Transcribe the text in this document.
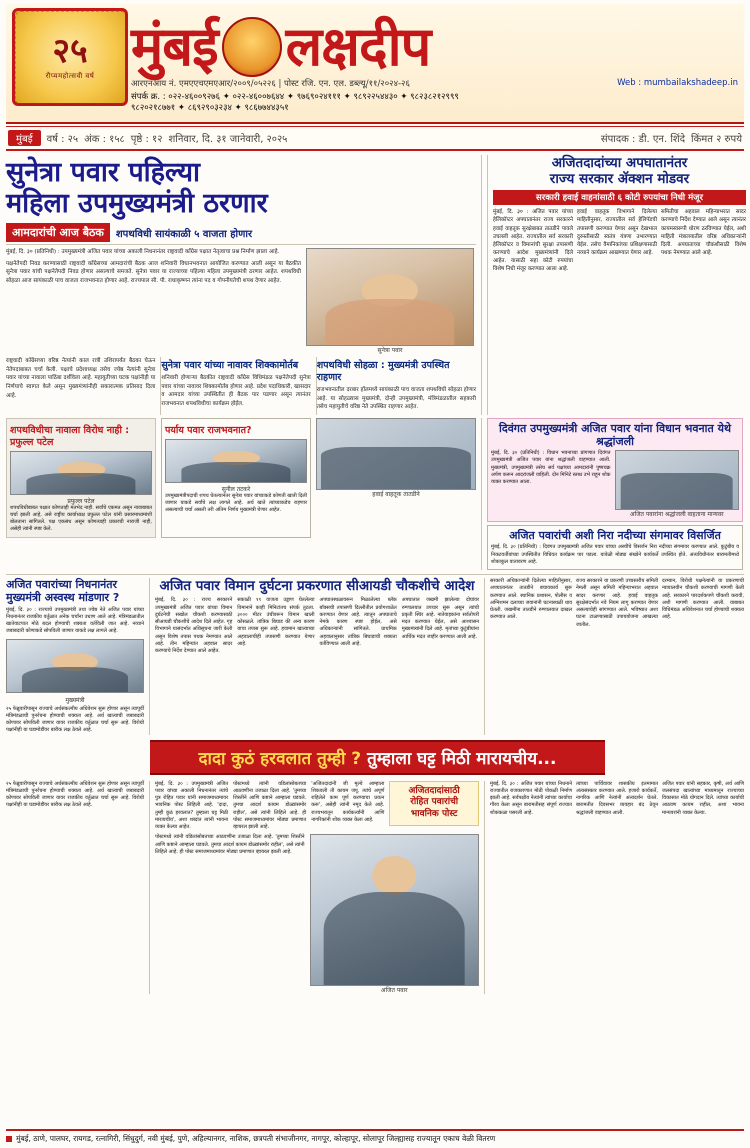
२५
रौप्यमहोत्सवी वर्ष मुंबई लक्षदीप
आरएनआय नं. एमएएचएमएआर/२००९/०५२२६ | पोस्ट रजि. एन. एल. डब्ल्यू/११/२०२४-२६	Web : mumbailakshadeep.in
संपर्क क्र. : ०२२-४६००९२७६ ✦ ०२२-४६००७६४४ ✦ ९७६९०२४१११ ✦ ९८९२२५४४३० ✦ ९८२३८२१२९९९
९८२०२१८७७१ ✦ ८६९२९०३२३४ ✦ ९८६७७४४३५१
मुंबई	वर्ष : २५ अंक : १५८ पृष्ठे : १२ शनिवार, दि. ३१ जानेवारी, २०२५	संपादक : डी. एन. शिंदे किंमत २ रुपये
सुनेत्रा पवार पहिल्या
महिला उपमुख्यमंत्री ठरणार
आमदारांची आज बैठक	शपथविधी सायंकाळी ५ वाजता होणार

मुंबई, दि. ३० (प्रतिनिधी) : उपमुख्यमंत्री अजित पवार यांच्या अकाली निधनानंतर राष्ट्रवादी काँग्रेस पक्षात नेतृत्वाचा प्रश्न निर्माण झाला आहे.

पक्षनेतेपदी निवड करण्यासाठी राष्ट्रवादी काँग्रेसच्या आमदारांची बैठक आज शनिवारी विधानभवनात आयोजित करण्यात आली असून या बैठकीत सुनेत्रा पवार यांची पक्षनेतेपदी निवड होणार असल्याचे समजते. सुनेत्रा पवार या राज्याच्या पहिल्या महिला उपमुख्यमंत्री ठरणार आहेत. शपथविधी सोहळा आज सायंकाळी पाच वाजता राजभवनात होणार आहे. राज्यपाल सी. पी. राधाकृष्णन त्यांना पद व गोपनीयतेची शपथ देणार आहेत.

सुनेत्रा पवार

राष्ट्रवादी काँग्रेसच्या वरिष्ठ नेत्यांनी काल रात्री उशिरापर्यंत बैठका घेऊन नेतेपदाबाबत चर्चा केली. पक्षाचे प्रदेशाध्यक्ष तसेच ज्येष्ठ नेत्यांनी सुनेत्रा पवार यांच्या नावाला पाठिंबा दर्शविला आहे. महायुतीच्या घटक पक्षांनीही या निर्णयाचे स्वागत केले असून मुख्यमंत्र्यांनीही सकारात्मक प्रतिसाद दिला आहे.

सुनेत्रा पवार यांच्या नावावर शिक्कामोर्तब

शनिवारी होणाऱ्या बैठकीत राष्ट्रवादी काँग्रेस विधिमंडळ पक्षनेतेपदी सुनेत्रा पवार यांच्या नावावर शिक्कामोर्तब होणार आहे. प्रदेश पदाधिकारी, खासदार व आमदार यांच्या उपस्थितीत ही बैठक पार पडणार असून त्यानंतर राजभवनात शपथविधीचा कार्यक्रम होईल.

शपथविधी सोहळा : मुख्यमंत्री उपस्थित राहणार

राजभवनातील दरबार हॉलमध्ये सायंकाळी पाच वाजता शपथविधी सोहळा होणार आहे. या सोहळ्यास मुख्यमंत्री, दोन्ही उपमुख्यमंत्री, मंत्रिमंडळातील सहकारी तसेच महायुतीचे वरिष्ठ नेते उपस्थित राहणार आहेत.

अजितदादांच्या अपघातानंतर
राज्य सरकार ॲक्शन मोडवर
सरकारी हवाई वाहनांसाठी ६ कोटी रुपयांचा निधी मंजूर
मुंबई, दि. ३० : अजित पवार यांच्या हेलिकॉप्टर अपघातानंतर राज्य सरकारने हवाई वाहतूक सुरक्षेबाबत तातडीने पावले उचलली आहेत. राज्यातील सर्व सरकारी हेलिकॉप्टर व विमानांची सुरक्षा तपासणी करण्याचे आदेश मुख्यमंत्र्यांनी दिले आहेत. यासाठी सहा कोटी रुपयांचा विशेष निधी मंजूर करण्यात आला आहे.
हवाई वाहतूक विभागाने दिलेल्या माहितीनुसार, राज्यातील सर्व हेलिपॅडची तपासणी करण्यात येणार असून देखभाल दुरुस्तीसाठी स्वतंत्र यंत्रणा उभारण्यात येईल. तसेच वैमानिकांच्या प्रशिक्षणासाठी नव्याने कार्यक्रम आखण्यात येणार आहे.
समितीचा अहवाल महिन्याभरात सादर करण्याचे निर्देश देण्यात आले असून त्यानंतर कायमस्वरूपी धोरण ठरविण्यात येईल, अशी माहिती मंत्रालयातील वरिष्ठ अधिकाऱ्यांनी दिली. अपघाताच्या चौकशीसाठी विशेष पथक नेमण्यात आले आहे.
शपथविधीचा नावाला विरोध नाही : प्रफुल्ल पटेल
प्रफुल्ल पटेल
शपथविधीबाबत पक्षात कोणताही मतभेद नाही. सर्वांचे एकमत असून नावाबाबत चर्चा झाली आहे, असे राष्ट्रीय कार्याध्यक्ष प्रफुल्ल पटेल यांनी प्रसारमाध्यमांशी बोलताना सांगितले. पक्ष एकसंध असून कोणत्याही प्रकारची नाराजी नाही, असेही त्यांनी स्पष्ट केले.
पर्याय पवार राजभवनात?
सुनील तटकरे
उपमुख्यमंत्रीपदाची शपथ घेतल्यानंतर सुनेत्रा पवार यांच्याकडे कोणती खाती दिली जाणार याकडे सर्वांचे लक्ष लागले आहे. अर्थ खाते त्यांच्याकडेच राहणार असल्याची चर्चा असली तरी अंतिम निर्णय मुख्यमंत्री घेणार आहेत.
हवाई वाहतूक तातडीने
दिवंगत उपमुख्यमंत्री अजित पवार यांना विधान भवनात येथे श्रद्धांजली
मुंबई, दि. ३० (प्रतिनिधी) : विधान भवनाच्या प्रांगणात दिवंगत उपमुख्यमंत्री अजित पवार यांना श्रद्धांजली वाहण्यात आली. मुख्यमंत्री, उपमुख्यमंत्री तसेच सर्व पक्षांच्या आमदारांनी पुष्पचक्र अर्पण करून आदरांजली वाहिली. दोन मिनिटे स्तब्ध उभे राहून शोक व्यक्त करण्यात आला.
अजित पवारांना श्रद्धांजली वाहताना मान्यवर
अजित पवारांची अशी निरा नदीच्या संगमावर विसर्जित
मुंबई, दि. ३० (प्रतिनिधी) : दिवंगत उपमुख्यमंत्री अजित पवार यांच्या अस्थींचे विसर्जन निरा नदीच्या संगमावर करण्यात आले. कुटुंबीय व निकटवर्तीयांच्या उपस्थितीत विधिवत कार्यक्रम पार पडला. यावेळी मोठ्या संख्येने कार्यकर्ते उपस्थित होते. अंत्यविधीनंतर बारामतीमध्ये शोकाकुल वातावरण आहे.
अजित पवारांच्या निधनानंतर मुख्यमंत्री अस्वस्थ मांडणार ?
मुंबई, दि. ३० : राज्याचे उपमुख्यमंत्री तथा ज्येष्ठ नेते अजित पवार यांच्या निधनानंतर राजकीय वर्तुळात अनेक चर्चांना उधाण आले आहे. मंत्रिमंडळातील खातेवाटपात मोठे बदल होण्याची शक्यता वर्तविली जात आहे. नव्याने जबाबदारी कोणाकडे सोपविली जाणार याकडे लक्ष लागले आहे.
मुख्यमंत्री
२५ फेब्रुवारीपासून राज्याचे अर्थसंकल्पीय अधिवेशन सुरू होणार असून त्यापूर्वी मंत्रिमंडळाची पुनर्रचना होण्याची शक्यता आहे. अर्थ खात्याची जबाबदारी कोणावर सोपविली जाणार यावर राजकीय वर्तुळात चर्चा सुरू आहे. विरोधी पक्षांनीही या घडामोडींवर बारीक लक्ष ठेवले आहे.
अजित पवार विमान दुर्घटना प्रकरणात सीआयडी चौकशीचे आदेश
मुंबई, दि. ३० : राज्य सरकारने उपमुख्यमंत्री अजित पवार यांच्या विमान दुर्घटनेची सखोल चौकशी करण्यासाठी सीआयडी चौकशीचे आदेश दिले आहेत. गृह विभागाने यासंदर्भात अधिसूचना जारी केली असून विशेष तपास पथक नेमण्यात आले आहे. तीन महिन्यांत अहवाल सादर करण्याचे निर्देश देण्यात आले आहेत.
सकाळी ११ वाजता उड्डाण घेतलेल्या विमानाने काही मिनिटांतच संपर्क तुटला. ३००० मीटर उंचीवरून विमान खाली कोसळले. तांत्रिक बिघाड की अन्य कारण याचा तपास सुरू आहे. हवामान खात्याच्या अहवालाचीही तपासणी करण्यात येणार आहे.
अपघातस्थळावरून मिळालेल्या ब्लॅक बॉक्सची तपासणी दिल्लीतील प्रयोगशाळेत करण्यात येणार आहे. त्यातून अपघाताचे नेमके कारण स्पष्ट होईल, असे अधिकाऱ्यांनी सांगितले. प्राथमिक अहवालानुसार तांत्रिक बिघाडाची शक्यता वर्तविण्यात आली आहे.
अपघातात जखमी झालेल्या दोघांवर रुग्णालयात उपचार सुरू असून त्यांची प्रकृती स्थिर आहे. नातेवाइकांना सर्वतोपरी मदत करण्यात येईल, असे आश्वासन मुख्यमंत्र्यांनी दिले आहे. मृतांच्या कुटुंबीयांना आर्थिक मदत जाहीर करण्यात आली आहे.
सरकारी अधिकाऱ्यांनी दिलेल्या माहितीनुसार, अपघातानंतर तातडीने बचावकार्य सुरू करण्यात आले. स्थानिक प्रशासन, पोलीस व अग्निशमन दलाच्या जवानांनी घटनास्थळी धाव घेतली. जखमींना तातडीने रुग्णालयात दाखल करण्यात आले.
राज्य सरकारने या प्रकरणी उच्चस्तरीय समिती नेमली असून समिती महिन्याभरात अहवाल सादर करणार आहे. हवाई वाहतूक सुरक्षेसंदर्भात नवे नियम लागू करण्यात येणार असल्याचेही सांगण्यात आले. भविष्यात अशा घटना टाळण्यासाठी उपाययोजना आखल्या जातील.
दरम्यान, विरोधी पक्षनेत्यांनी या प्रकरणाची न्यायालयीन चौकशी करण्याची मागणी केली आहे. सरकारने पारदर्शकपणे चौकशी करावी, अशी मागणी करण्यात आली. याबाबत विधिमंडळ अधिवेशनात चर्चा होण्याची शक्यता आहे.
दादा कुठं हरवलात तुम्ही ? तुम्हाला घट्ट मिठी मारायचीय...
२५ फेब्रुवारीपासून राज्याचे अर्थसंकल्पीय अधिवेशन सुरू होणार असून त्यापूर्वी मंत्रिमंडळाची पुनर्रचना होण्याची शक्यता आहे. अर्थ खात्याची जबाबदारी कोणावर सोपविली जाणार यावर राजकीय वर्तुळात चर्चा सुरू आहे. विरोधी पक्षांनीही या घडामोडींवर बारीक लक्ष ठेवले आहे.
मुंबई, दि. ३० : उपमुख्यमंत्री अजित पवार यांच्या अकाली निधनानंतर त्यांचे पुत्र रोहित पवार यांनी समाजमाध्यमावर भावनिक पोस्ट लिहिली आहे. 'दादा, तुम्ही कुठं हरवलात? तुम्हाला घट्ट मिठी मारायचीय', अशा शब्दांत त्यांनी भावना व्यक्त केल्या आहेत.
पोस्टमध्ये त्यांनी वडिलांसोबतच्या आठवणींना उजाळा दिला आहे. 'तुमच्या शिस्तीने आणि कष्टाने आम्हाला घडवले. तुमचा आदर्श कायम डोळ्यांसमोर राहील', असे त्यांनी लिहिले आहे. ही पोस्ट समाजमाध्यमांवर मोठ्या प्रमाणात व्हायरल झाली आहे.
'अजितदादांनी जी मूल्ये आम्हाला शिकवली ती कायम जपू. त्यांचे अपूर्ण राहिलेले काम पूर्ण करण्याचा प्रयत्न करू', असेही त्यांनी नमूद केले आहे. राज्यभरातून कार्यकर्त्यांनी आणि नागरिकांनी शोक व्यक्त केला आहे.
अजितदादांसाठी
रोहित पवारांची
भावनिक पोस्ट
पोस्टमध्ये त्यांनी वडिलांसोबतच्या आठवणींना उजाळा दिला आहे. 'तुमच्या शिस्तीने आणि कष्टाने आम्हाला घडवले. तुमचा आदर्श कायम डोळ्यांसमोर राहील', असे त्यांनी लिहिले आहे. ही पोस्ट समाजमाध्यमांवर मोठ्या प्रमाणात व्हायरल झाली आहे.
अजित पवार
मुंबई, दि. ३० : अजित पवार यांच्या निधनाने राज्यातील राजकारणात मोठी पोकळी निर्माण झाली आहे. सर्वपक्षीय नेत्यांनी त्यांच्या कार्याचा गौरव केला असून बारामतीसह संपूर्ण राज्यात शोककळा पसरली आहे.
त्यांच्या पार्थिवावर शासकीय इतमामात अंत्यसंस्कार करण्यात आले. हजारो कार्यकर्ते, नागरिक आणि नेत्यांनी अंत्यदर्शन घेतले. बारामतीत दिवसभर व्यवहार बंद ठेवून श्रद्धांजली वाहण्यात आली.
अजित पवार यांनी सहकार, कृषी, अर्थ आणि जलसंपदा खात्यांच्या माध्यमातून राज्याच्या विकासात मोठे योगदान दिले. त्यांच्या कार्याची आठवण कायम राहील, अशा भावना मान्यवरांनी व्यक्त केल्या.
मुंबई, ठाणे, पालघर, रायगड, रत्नागिरी, सिंधुदुर्ग, नवी मुंबई, पुणे, अहिल्यानगर, नाशिक, छत्रपती संभाजीनगर, नागपूर, कोल्हापूर, सोलापूर जिल्ह्यासह राज्यातून एकाच वेळी वितरण
